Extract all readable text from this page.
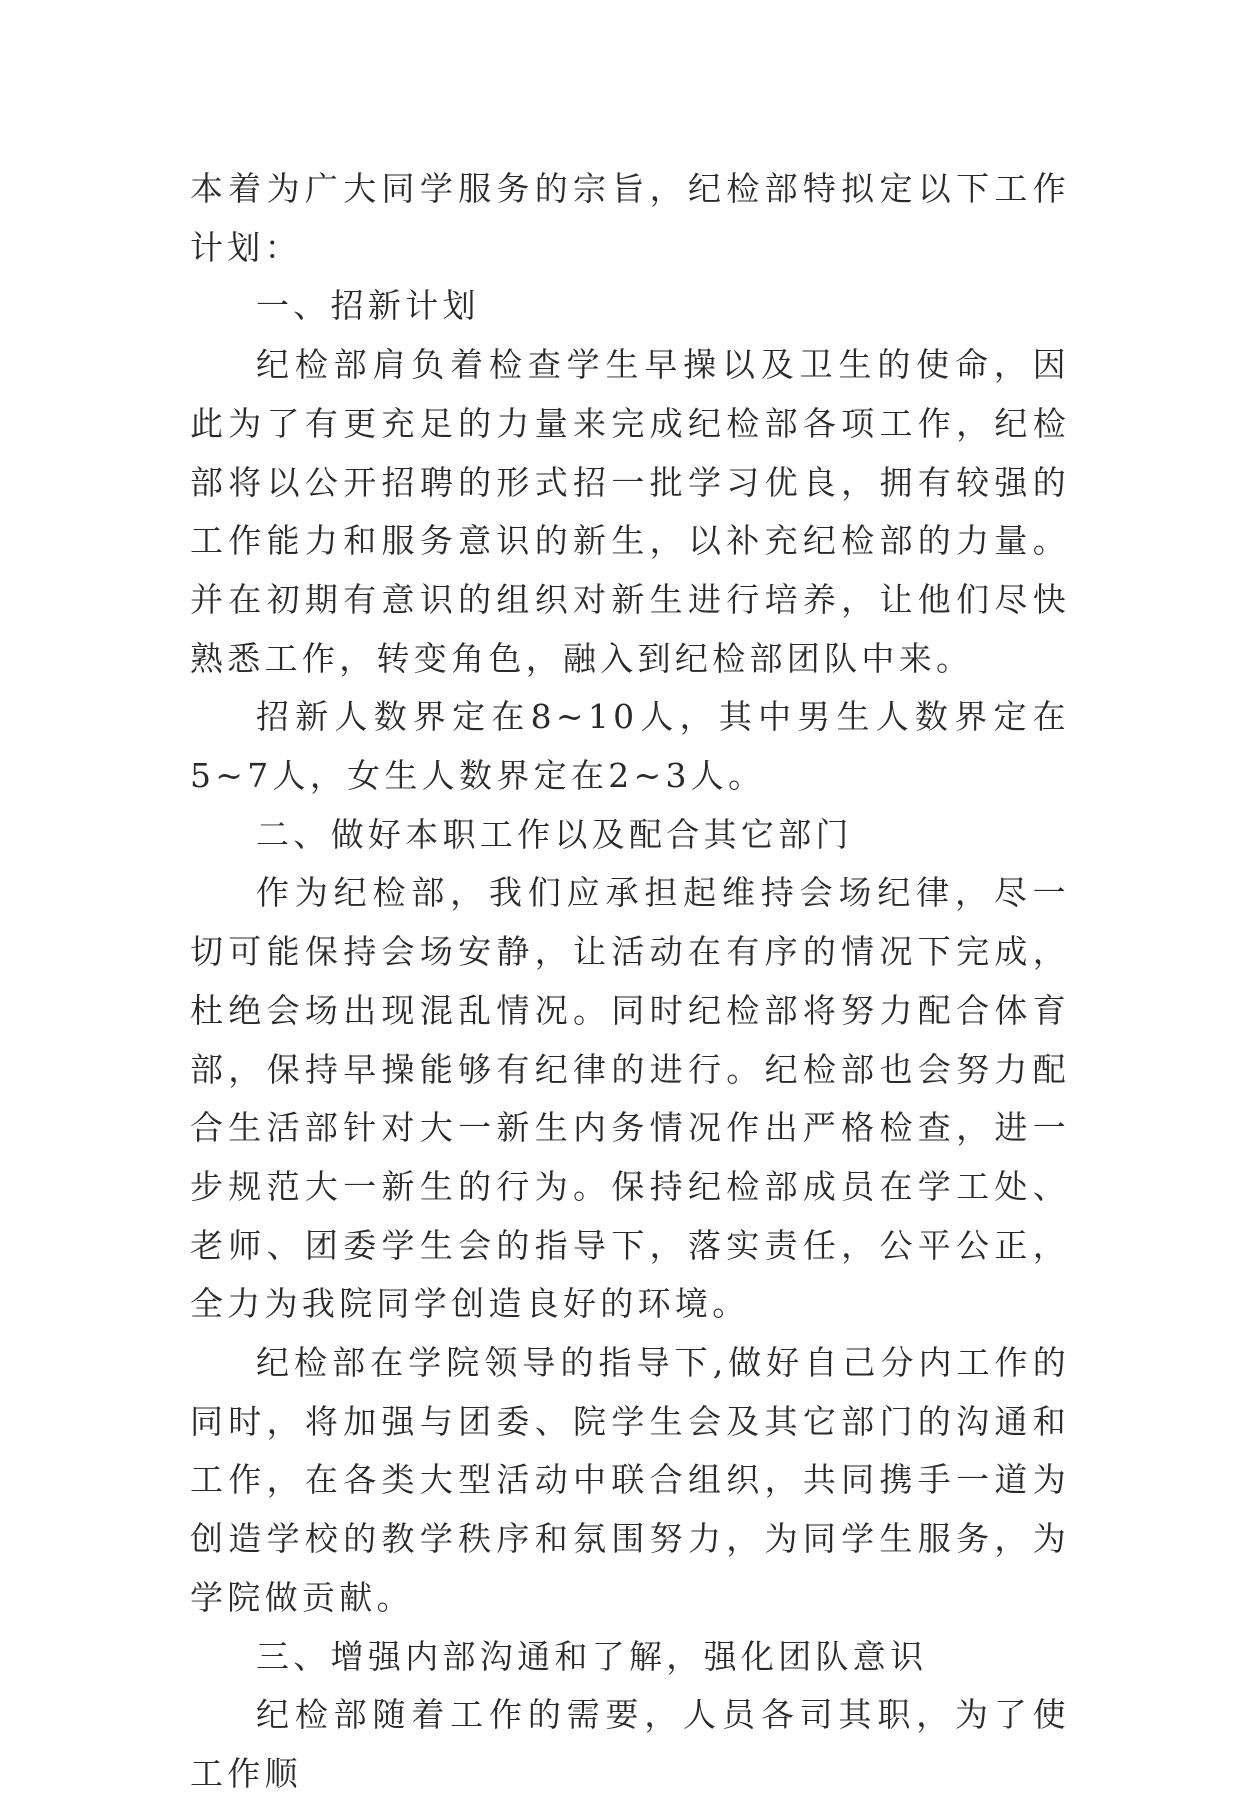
本着为广大同学服务的宗旨，纪检部特拟定以下工作计划：

一、招新计划

纪检部肩负着检查学生早操以及卫生的使命，因此为了有更充足的力量来完成纪检部各项工作，纪检部将以公开招聘的形式招一批学习优良，拥有较强的工作能力和服务意识的新生，以补充纪检部的力量。并在初期有意识的组织对新生进行培养，让他们尽快熟悉工作，转变角色，融入到纪检部团队中来。

招新人数界定在8~10人，其中男生人数界定在5~7人，女生人数界定在2~3人。

二、做好本职工作以及配合其它部门

作为纪检部，我们应承担起维持会场纪律，尽一切可能保持会场安静，让活动在有序的情况下完成，杜绝会场出现混乱情况。同时纪检部将努力配合体育部，保持早操能够有纪律的进行。纪检部也会努力配合生活部针对大一新生内务情况作出严格检查，进一步规范大一新生的行为。保持纪检部成员在学工处、老师、团委学生会的指导下，落实责任，公平公正，全力为我院同学创造良好的环境。

纪检部在学院领导的指导下,做好自己分内工作的同时，将加强与团委、院学生会及其它部门的沟通和工作，在各类大型活动中联合组织，共同携手一道为创造学校的教学秩序和氛围努力，为同学生服务，为学院做贡献。

三、增强内部沟通和了解，强化团队意识

纪检部随着工作的需要，人员各司其职，为了使工作顺
